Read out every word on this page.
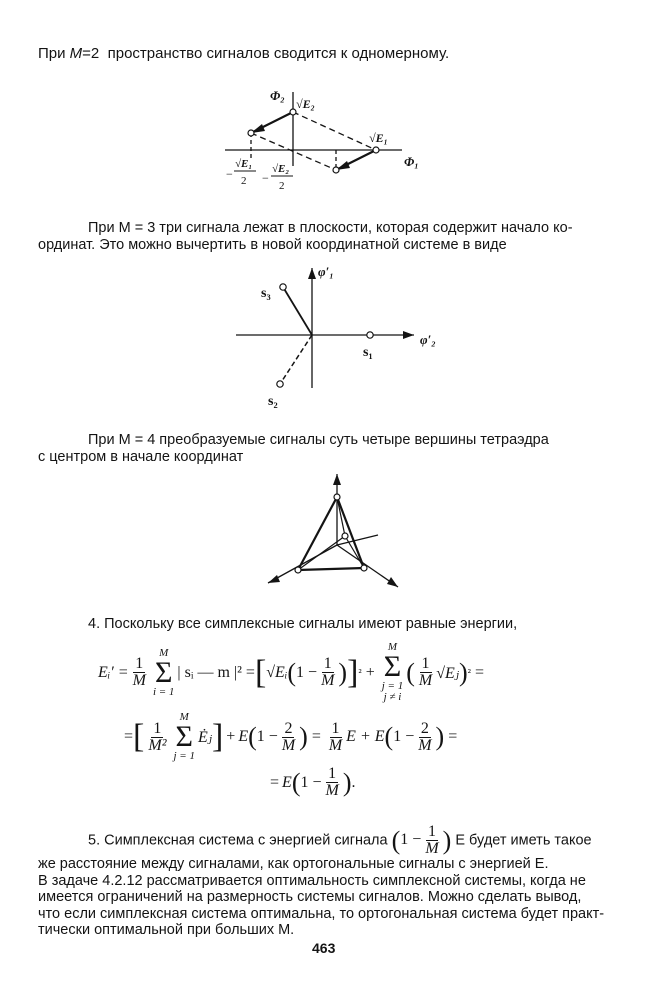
При M=2 пространство сигналов сводится к одномерному.

Φ₂
Φ₁
√E₂
√E₁
−
√E₁
2 −
√E₂
2
При M = 3 три сигнала лежат в плоскости, которая содержит начало ко-
ординат. Это можно вычертить в новой координатной системе в виде
φ′₁
φ′₂
s₁
s₂
s₃
При M = 4 преобразуемые сигналы суть четыре вершины тетраэдра
с центром в начале координат

4. Поскольку все симплексные сигналы имеют равные энергии,

Eᵢ′ = $\frac{1}{M}$
M
Σ
i = 1
| sᵢ — m |² = [ √Eᵢ ( $1 - \frac{1}{M}$ ) ] ² +
M
Σ
j = 1
j ≠ i
( $\frac{1}{M}$ √Eⱼ ) ² =
= [ $\frac{1}{\text{M²}}$
M
Σ
j = 1
Ėⱼ ] + E ( $1 - \frac{2}{M}$ ) = $\frac{1}{M}$ E + E ( $1 - \frac{2}{M}$ ) =
= E ( $1 - \frac{1}{M}$ ) .
5. Симплексная система с энергией сигнала ( $1 - \frac{1}{M}$ ) E будет иметь такое
же расстояние между сигналами, как ортогональные сигналы с энергией E.
В задаче 4.2.12 рассматривается оптимальность симплексной системы, когда не
имеется ограничений на размерность системы сигналов. Можно сделать вывод,
что если симплексная система оптимальна, то ортогональная система будет практ-
тически оптимальной при больших M.
463
